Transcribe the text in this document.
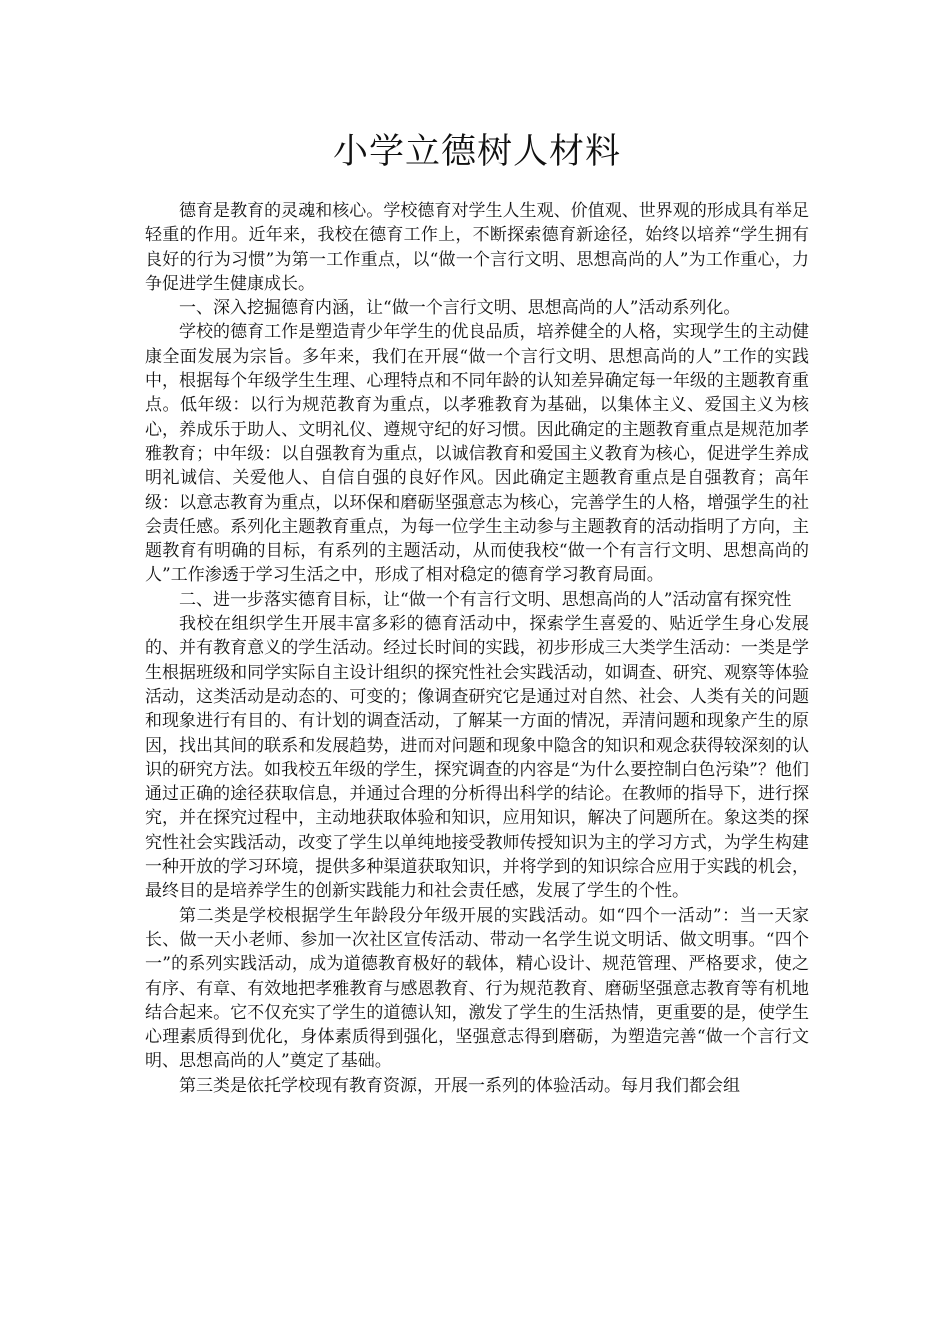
小学立德树人材料

德育是教育的灵魂和核心。学校德育对学生人生观、价值观、世界观的形成具有举足轻重的作用。近年来，我校在德育工作上，不断探索德育新途径，始终以培养“学生拥有良好的行为习惯”为第一工作重点，以“做一个言行文明、思想高尚的人”为工作重心，力争促进学生健康成长。

一、深入挖掘德育内涵，让“做一个言行文明、思想高尚的人”活动系列化。

学校的德育工作是塑造青少年学生的优良品质，培养健全的人格，实现学生的主动健康全面发展为宗旨。多年来，我们在开展“做一个言行文明、思想高尚的人”工作的实践中，根据每个年级学生生理、心理特点和不同年龄的认知差异确定每一年级的主题教育重点。低年级：以行为规范教育为重点，以孝雅教育为基础，以集体主义、爱国主义为核心，养成乐于助人、文明礼仪、遵规守纪的好习惯。因此确定的主题教育重点是规范加孝雅教育；中年级：以自强教育为重点，以诚信教育和爱国主义教育为核心，促进学生养成明礼诚信、关爱他人、自信自强的良好作风。因此确定主题教育重点是自强教育；高年级：以意志教育为重点，以环保和磨砺坚强意志为核心，完善学生的人格，增强学生的社会责任感。系列化主题教育重点，为每一位学生主动参与主题教育的活动指明了方向，主题教育有明确的目标，有系列的主题活动，从而使我校“做一个有言行文明、思想高尚的人”工作渗透于学习生活之中，形成了相对稳定的德育学习教育局面。

二、进一步落实德育目标，让“做一个有言行文明、思想高尚的人”活动富有探究性

我校在组织学生开展丰富多彩的德育活动中，探索学生喜爱的、贴近学生身心发展的、并有教育意义的学生活动。经过长时间的实践，初步形成三大类学生活动：一类是学生根据班级和同学实际自主设计组织的探究性社会实践活动，如调查、研究、观察等体验活动，这类活动是动态的、可变的；像调查研究它是通过对自然、社会、人类有关的问题和现象进行有目的、有计划的调查活动，了解某一方面的情况，弄清问题和现象产生的原因，找出其间的联系和发展趋势，进而对问题和现象中隐含的知识和观念获得较深刻的认识的研究方法。如我校五年级的学生，探究调查的内容是“为什么要控制白色污染”？他们通过正确的途径获取信息，并通过合理的分析得出科学的结论。在教师的指导下，进行探究，并在探究过程中，主动地获取体验和知识，应用知识，解决了问题所在。象这类的探究性社会实践活动，改变了学生以单纯地接受教师传授知识为主的学习方式，为学生构建一种开放的学习环境，提供多种渠道获取知识，并将学到的知识综合应用于实践的机会，最终目的是培养学生的创新实践能力和社会责任感，发展了学生的个性。

第二类是学校根据学生年龄段分年级开展的实践活动。如“四个一活动”：当一天家长、做一天小老师、参加一次社区宣传活动、带动一名学生说文明话、做文明事。“四个一”的系列实践活动，成为道德教育极好的载体，精心设计、规范管理、严格要求，使之有序、有章、有效地把孝雅教育与感恩教育、行为规范教育、磨砺坚强意志教育等有机地结合起来。它不仅充实了学生的道德认知，激发了学生的生活热情，更重要的是，使学生心理素质得到优化，身体素质得到强化，坚强意志得到磨砺，为塑造完善“做一个言行文明、思想高尚的人”奠定了基础。

第三类是依托学校现有教育资源，开展一系列的体验活动。每月我们都会组
